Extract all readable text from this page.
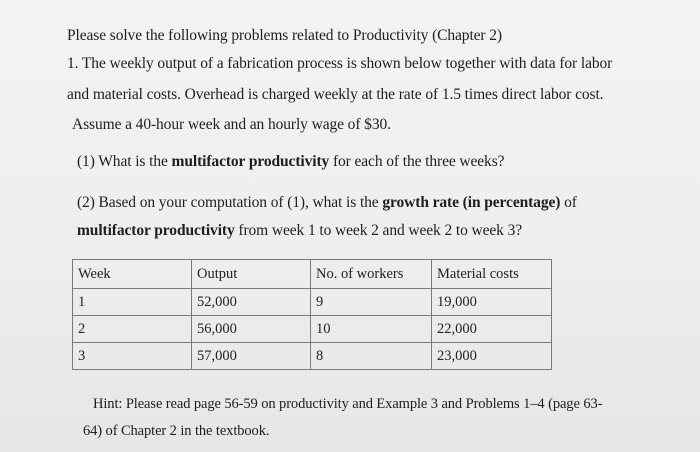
Please solve the following problems related to Productivity (Chapter 2)
1. The weekly output of a fabrication process is shown below together with data for labor
and material costs. Overhead is charged weekly at the rate of 1.5 times direct labor cost.
Assume a 40-hour week and an hourly wage of $30.
(1) What is the multifactor productivity for each of the three weeks?
(2) Based on your computation of (1), what is the growth rate (in percentage) of
multifactor productivity from week 1 to week 2 and week 2 to week 3?
Week	Output	No. of workers	Material costs
1	52,000	9	19,000
2	56,000	10	22,000
3	57,000	8	23,000
Hint: Please read page 56-59 on productivity and Example 3 and Problems 1–4 (page 63-
64) of Chapter 2 in the textbook.
